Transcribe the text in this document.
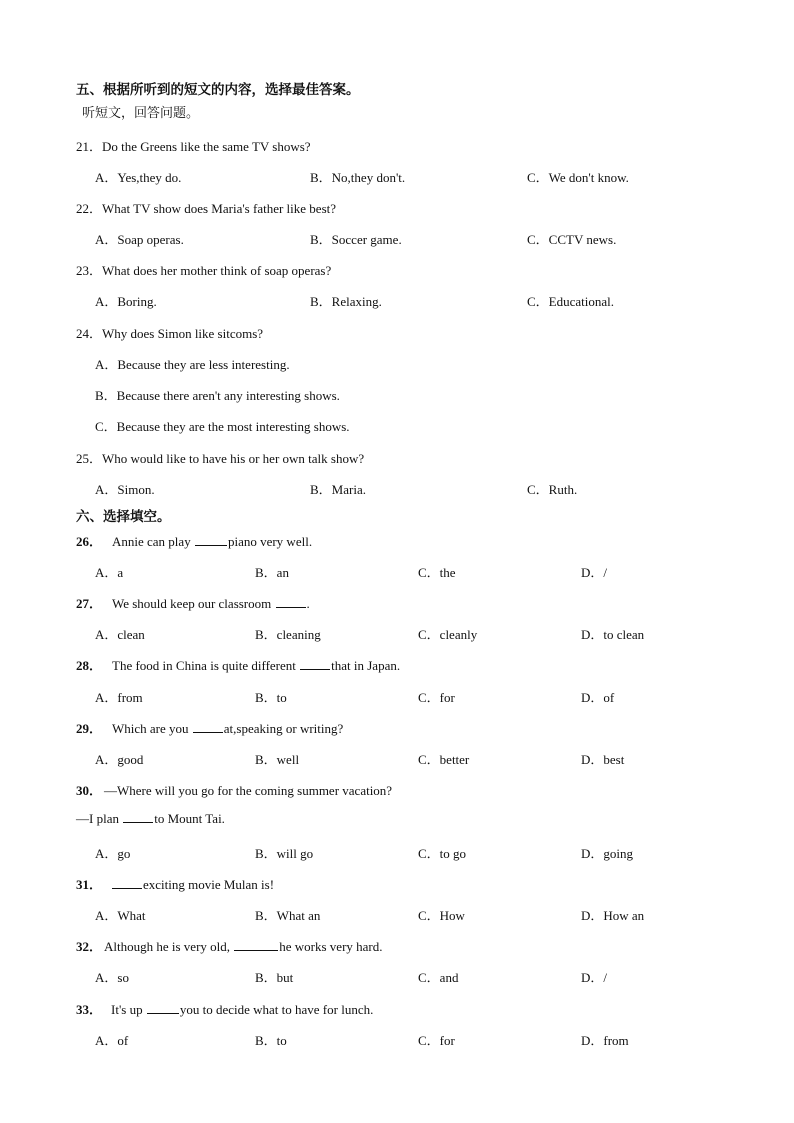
五、根据所听到的短文的内容，选择最佳答案。
听短文，回答问题。
21．Do the Greens like the same TV shows?
A．Yes,they do.	B．No,they don't.	C．We don't know.
22．What TV show does Maria's father like best?
A．Soap operas.	B．Soccer game.	C．CCTV news.
23．What does her mother think of soap operas?
A．Boring.	B．Relaxing.	C．Educational.
24．Why does Simon like sitcoms?
A．Because they are less interesting.
B．Because there aren't any interesting shows.
C．Because they are the most interesting shows.
25．Who would like to have his or her own talk show?
A．Simon.	B．Maria.	C．Ruth.
六、选择填空。
26． Annie can play	piano very well.
A．a	B．an	C．the	D．/
27． We should keep our classroom .
A．clean	B．cleaning	C．cleanly	D．to clean
28． The food in China is quite different that in Japan.
A．from	B．to	C．for	D．of
29． Which are you at,speaking or writing?
A．good	B．well	C．better	D．best
30． —Where will you go for the coming summer vacation?
—I plan to Mount Tai.
A．go	B．will go	C．to go	D．going
31．	exciting movie Mulan is!
A．What	B．What an	C．How	D．How an
32． Although he is very old,	he works very hard.
A．so	B．but	C．and	D．/
33． It's up	you to decide what to have for lunch.
A．of	B．to	C．for	D．from
